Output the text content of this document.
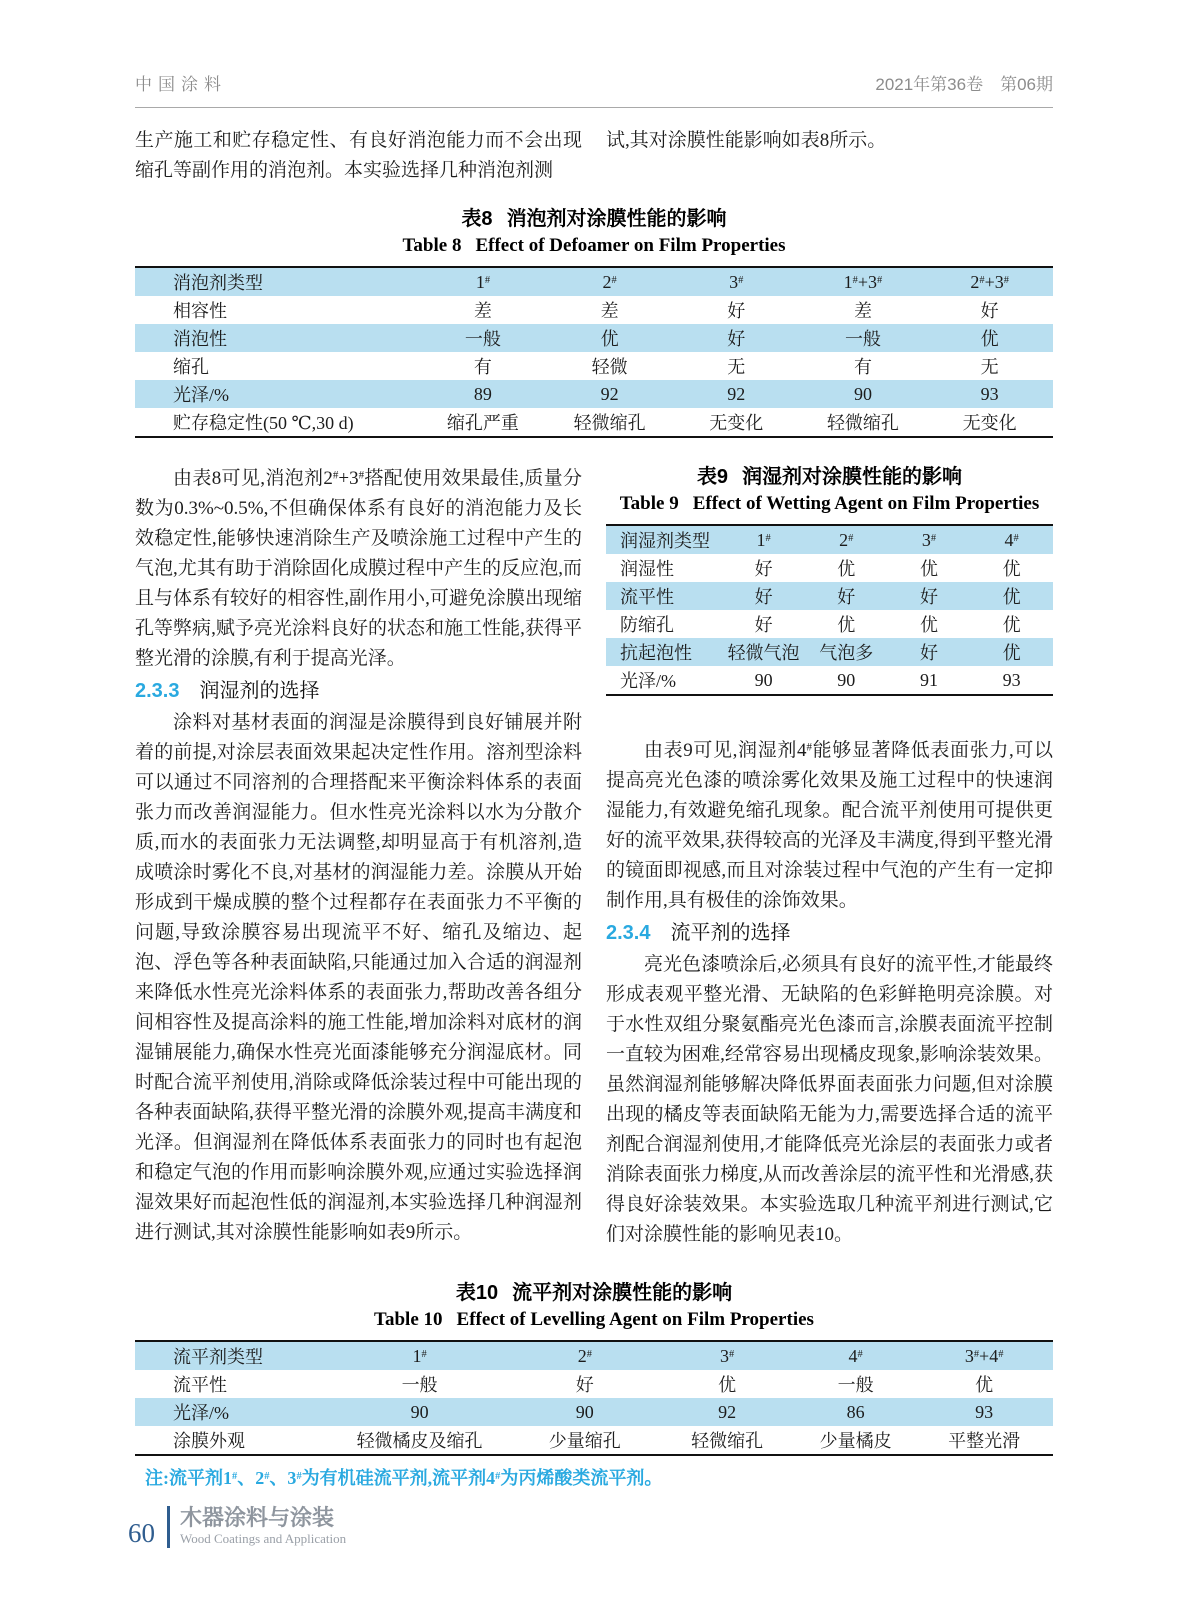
中国涂料	2021年第36卷　第06期

生产施工和贮存稳定性、有良好消泡能力而不会出现缩孔等副作用的消泡剂。本实验选择几种消泡剂测

试,其对涂膜性能影响如表8所示。

表8 消泡剂对涂膜性能的影响
Table 8 Effect of Defoamer on Film Properties
消泡剂类型	1#	2#	3#	1#+3#	2#+3#
相容性	差	差	好	差	好
消泡性	一般	优	好	一般	优
缩孔	有	轻微	无	有	无
光泽/%	89	92	92	90	93
贮存稳定性(50 ℃,30 d)	缩孔严重	轻微缩孔	无变化	轻微缩孔	无变化

由表8可见,消泡剂2#+3#搭配使用效果最佳,质量分数为0.3%~0.5%,不但确保体系有良好的消泡能力及长效稳定性,能够快速消除生产及喷涂施工过程中产生的气泡,尤其有助于消除固化成膜过程中产生的反应泡,而且与体系有较好的相容性,副作用小,可避免涂膜出现缩孔等弊病,赋予亮光涂料良好的状态和施工性能,获得平整光滑的涂膜,有利于提高光泽。

2.3.3 润湿剂的选择

涂料对基材表面的润湿是涂膜得到良好铺展并附着的前提,对涂层表面效果起决定性作用。溶剂型涂料可以通过不同溶剂的合理搭配来平衡涂料体系的表面张力而改善润湿能力。但水性亮光涂料以水为分散介质,而水的表面张力无法调整,却明显高于有机溶剂,造成喷涂时雾化不良,对基材的润湿能力差。涂膜从开始形成到干燥成膜的整个过程都存在表面张力不平衡的问题,导致涂膜容易出现流平不好、缩孔及缩边、起泡、浮色等各种表面缺陷,只能通过加入合适的润湿剂来降低水性亮光涂料体系的表面张力,帮助改善各组分间相容性及提高涂料的施工性能,增加涂料对底材的润湿铺展能力,确保水性亮光面漆能够充分润湿底材。同时配合流平剂使用,消除或降低涂装过程中可能出现的各种表面缺陷,获得平整光滑的涂膜外观,提高丰满度和光泽。但润湿剂在降低体系表面张力的同时也有起泡和稳定气泡的作用而影响涂膜外观,应通过实验选择润湿效果好而起泡性低的润湿剂,本实验选择几种润湿剂进行测试,其对涂膜性能影响如表9所示。

表9 润湿剂对涂膜性能的影响
Table 9 Effect of Wetting Agent on Film Properties
润湿剂类型	1#	2#	3#	4#
润湿性	好	优	优	优
流平性	好	好	好	优
防缩孔	好	优	优	优
抗起泡性	轻微气泡	气泡多	好	优
光泽/%	90	90	91	93

由表9可见,润湿剂4#能够显著降低表面张力,可以提高亮光色漆的喷涂雾化效果及施工过程中的快速润湿能力,有效避免缩孔现象。配合流平剂使用可提供更好的流平效果,获得较高的光泽及丰满度,得到平整光滑的镜面即视感,而且对涂装过程中气泡的产生有一定抑制作用,具有极佳的涂饰效果。

2.3.4 流平剂的选择

亮光色漆喷涂后,必须具有良好的流平性,才能最终形成表观平整光滑、无缺陷的色彩鲜艳明亮涂膜。对于水性双组分聚氨酯亮光色漆而言,涂膜表面流平控制一直较为困难,经常容易出现橘皮现象,影响涂装效果。虽然润湿剂能够解决降低界面表面张力问题,但对涂膜出现的橘皮等表面缺陷无能为力,需要选择合适的流平剂配合润湿剂使用,才能降低亮光涂层的表面张力或者消除表面张力梯度,从而改善涂层的流平性和光滑感,获得良好涂装效果。本实验选取几种流平剂进行测试,它们对涂膜性能的影响见表10。

表10 流平剂对涂膜性能的影响
Table 10 Effect of Levelling Agent on Film Properties
流平剂类型	1#	2#	3#	4#	3#+4#
流平性	一般	好	优	一般	优
光泽/%	90	90	92	86	93
涂膜外观	轻微橘皮及缩孔	少量缩孔	轻微缩孔	少量橘皮	平整光滑
注:流平剂1#、2#、3#为有机硅流平剂,流平剂4#为丙烯酸类流平剂。
60
木器涂料与涂装
Wood Coatings and Application
